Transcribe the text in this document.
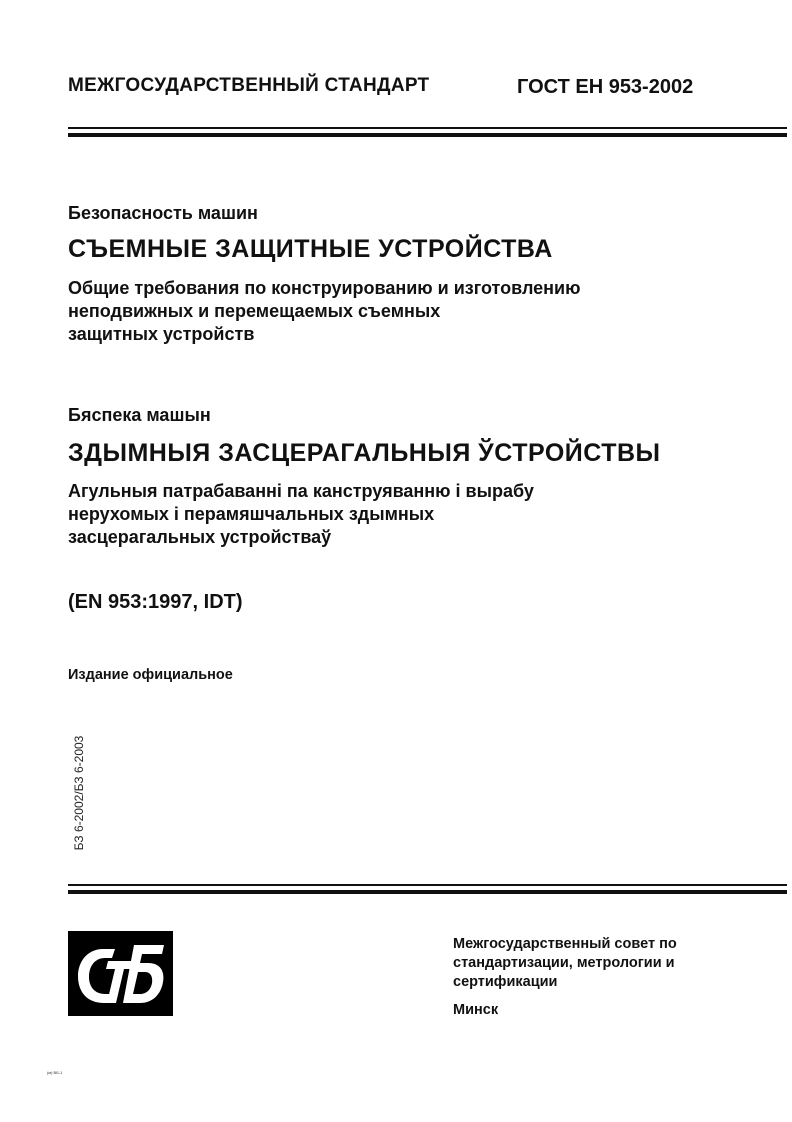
МЕЖГОСУДАРСТВЕННЫЙ СТАНДАРТ	ГОСТ ЕН 953-2002
Безопасность машин
СЪЕМНЫЕ ЗАЩИТНЫЕ УСТРОЙСТВА
Общие требования по конструированию и изготовлению
неподвижных и перемещаемых съемных
защитных устройств
Бяспека машын
ЗДЫМНЫЯ ЗАСЦЕРАГАЛЬНЫЯ ЎСТРОЙСТВЫ
Агульныя патрабаванні па канструяванню і вырабу
нерухомых і перамяшчальных здымных
засцерагальных устройстваў
(EN 953:1997, IDT)
Издание официальное
БЗ 6-2002/БЗ 6-2003
Межгосударственный совет по
стандартизации, метрологии и
сертификации
Минск
(м) ВБ-1
